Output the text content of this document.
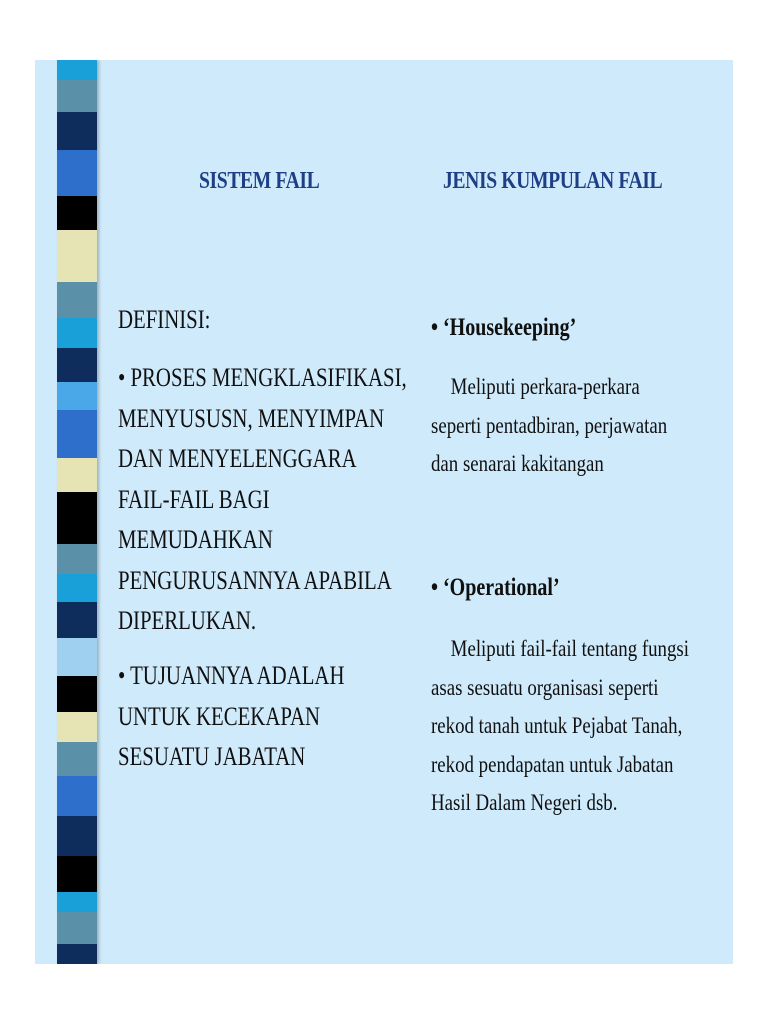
SISTEM FAIL	JENIS KUMPULAN FAIL
DEFINISI:
• PROSES MENGKLASIFIKASI,
MENYUSUSN, MENYIMPAN
DAN MENYELENGGARA
FAIL-FAIL BAGI
MEMUDAHKAN
PENGURUSANNYA APABILA
DIPERLUKAN.
• TUJUANNYA ADALAH
UNTUK KECEKAPAN
SESUATU JABATAN
• ‘Housekeeping’
Meliputi perkara-perkara
seperti pentadbiran, perjawatan
dan senarai kakitangan
• ‘Operational’
Meliputi fail-fail tentang fungsi
asas sesuatu organisasi seperti
rekod tanah untuk Pejabat Tanah,
rekod pendapatan untuk Jabatan
Hasil Dalam Negeri dsb.
